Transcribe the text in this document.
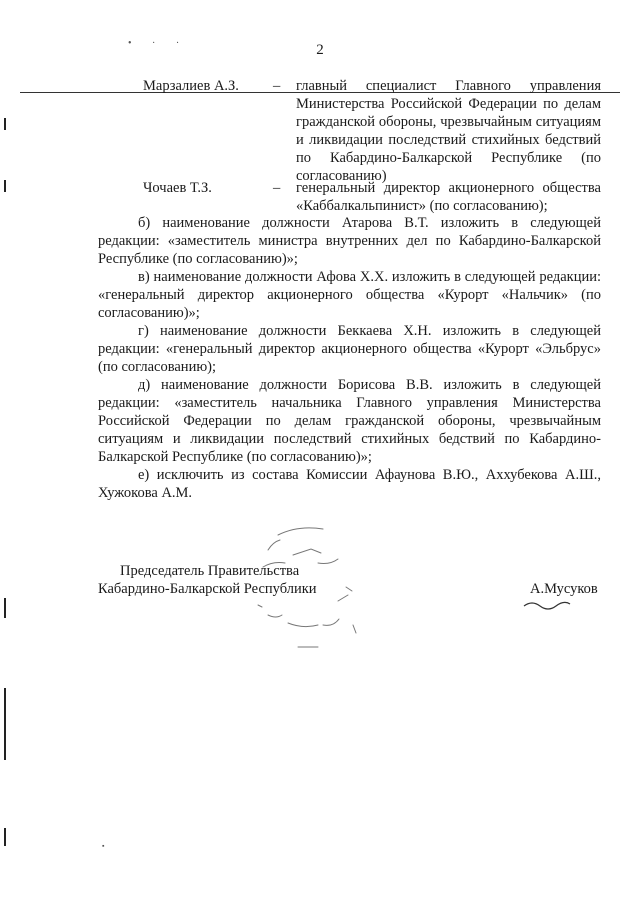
• · ·	2
Марзалиев А.З. – главный специалист Главного управления Министерства Российской Федерации по делам гражданской обороны, чрезвычайным ситуациям и ликвидации последствий стихийных бедствий по Кабардино-Балкарской Республике (по согласованию)
Чочаев Т.З.	– генеральный директор акционерного общества «Каббалкальпинист» (по согласованию);

б) наименование должности Атарова В.Т. изложить в следующей редакции: «заместитель министра внутренних дел по Кабардино-Балкарской Республике (по согласованию)»;

в) наименование должности Афова Х.Х. изложить в следующей редакции: «генеральный директор акционерного общества «Курорт «Нальчик» (по согласованию)»;

г) наименование должности Беккаева Х.Н. изложить в следующей редакции: «генеральный директор акционерного общества «Курорт «Эльбрус» (по согласованию);

д) наименование должности Борисова В.В. изложить в следующей редакции: «заместитель начальника Главного управления Министерства Российской Федерации по делам гражданской обороны, чрезвычайным ситуациям и ликвидации последствий стихийных бедствий по Кабардино-Балкарской Республике (по согласованию)»;

е) исключить из состава Комиссии Афаунова В.Ю., Аххубекова А.Ш., Хужокова А.М.

Председатель Правительства
Кабардино-Балкарской Республики	А.Мусуков
▪
